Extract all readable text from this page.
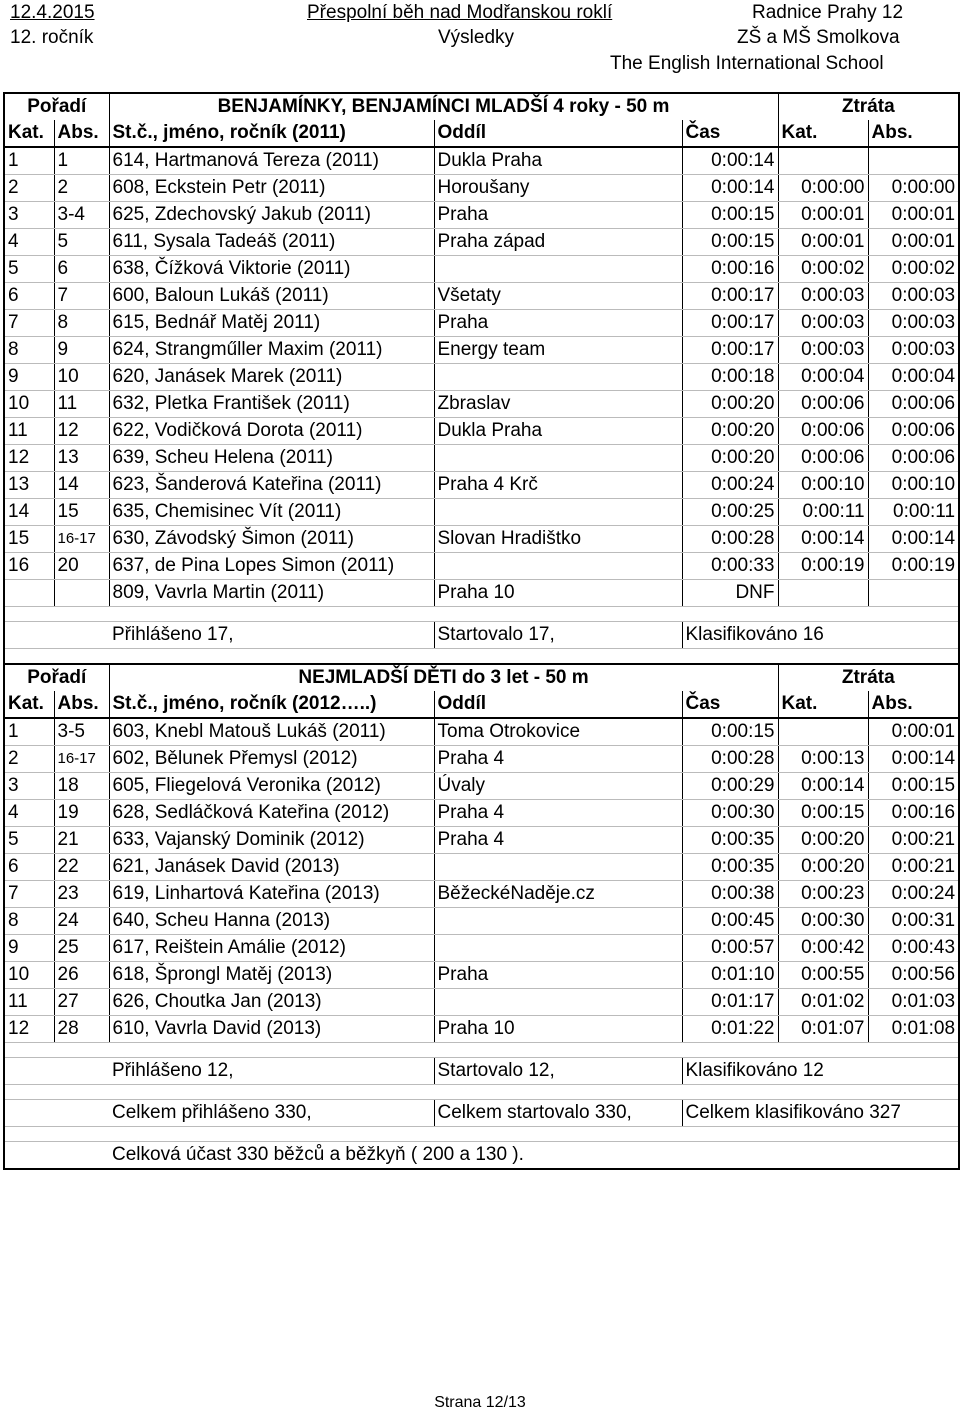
12.4.2015	Přespolní běh nad Modřanskou roklí	Radnice Prahy 12
12. ročník	Výsledky	ZŠ a MŠ Smolkova
The English International School
Pořadí		BENJAMÍNKY, BENJAMÍNCI MLADŠÍ 4 roky - 50 m			Ztráta	
Kat.	Abs.	St.č., jméno, ročník (2011)	Oddíl	Čas	Kat.	Abs.
1	1	614, Hartmanová Tereza (2011)	Dukla Praha	0:00:14		
2	2	608, Eckstein Petr (2011)	Horoušany	0:00:14	0:00:00	0:00:00
3	3-4	625, Zdechovský Jakub (2011)	Praha	0:00:15	0:00:01	0:00:01
4	5	611, Sysala Tadeáš (2011)	Praha západ	0:00:15	0:00:01	0:00:01
5	6	638, Čížková Viktorie (2011)		0:00:16	0:00:02	0:00:02
6	7	600, Baloun Lukáš (2011)	Všetaty	0:00:17	0:00:03	0:00:03
7	8	615, Bednář Matěj 2011)	Praha	0:00:17	0:00:03	0:00:03
8	9	624, Strangműller Maxim (2011)	Energy team	0:00:17	0:00:03	0:00:03
9	10	620, Janásek Marek (2011)		0:00:18	0:00:04	0:00:04
10	11	632, Pletka František (2011)	Zbraslav	0:00:20	0:00:06	0:00:06
11	12	622, Vodičková Dorota (2011)	Dukla Praha	0:00:20	0:00:06	0:00:06
12	13	639, Scheu Helena (2011)		0:00:20	0:00:06	0:00:06
13	14	623, Šanderová Kateřina (2011)	Praha 4 Krč	0:00:24	0:00:10	0:00:10
14	15	635, Chemisinec Vít (2011)		0:00:25	0:00:11	0:00:11
15	16-17	630, Závodský Šimon (2011)	Slovan Hradištko	0:00:28	0:00:14	0:00:14
16	20	637, de Pina Lopes Simon (2011)		0:00:33	0:00:19	0:00:19
		809, Vavrla Martin (2011)	Praha 10	DNF		

		Přihlášeno 17,	Startovalo 17,	Klasifikováno 16		

Pořadí		NEJMLADŠÍ DĚTI do 3 let - 50 m			Ztráta	
Kat.	Abs.	St.č., jméno, ročník (2012…..)	Oddíl	Čas	Kat.	Abs.
1	3-5	603, Knebl Matouš Lukáš (2011)	Toma Otrokovice	0:00:15		0:00:01
2	16-17	602, Bělunek Přemysl (2012)	Praha 4	0:00:28	0:00:13	0:00:14
3	18	605, Fliegelová Veronika (2012)	Úvaly	0:00:29	0:00:14	0:00:15
4	19	628, Sedláčková Kateřina (2012)	Praha 4	0:00:30	0:00:15	0:00:16
5	21	633, Vajanský Dominik (2012)	Praha 4	0:00:35	0:00:20	0:00:21
6	22	621, Janásek David (2013)		0:00:35	0:00:20	0:00:21
7	23	619, Linhartová Kateřina (2013)	BěžeckéNaděje.cz	0:00:38	0:00:23	0:00:24
8	24	640, Scheu Hanna (2013)		0:00:45	0:00:30	0:00:31
9	25	617, Reištein Amálie (2012)		0:00:57	0:00:42	0:00:43
10	26	618, Šprongl Matěj (2013)	Praha	0:01:10	0:00:55	0:00:56
11	27	626, Choutka Jan (2013)		0:01:17	0:01:02	0:01:03
12	28	610, Vavrla David (2013)	Praha 10	0:01:22	0:01:07	0:01:08

		Přihlášeno 12,	Startovalo 12,	Klasifikováno 12		

		Celkem přihlášeno 330,	Celkem startovalo 330,	Celkem klasifikováno 327		

		Celková účast 330 běžců a běžkyň ( 200 a 130 ).				
Strana 12/13
